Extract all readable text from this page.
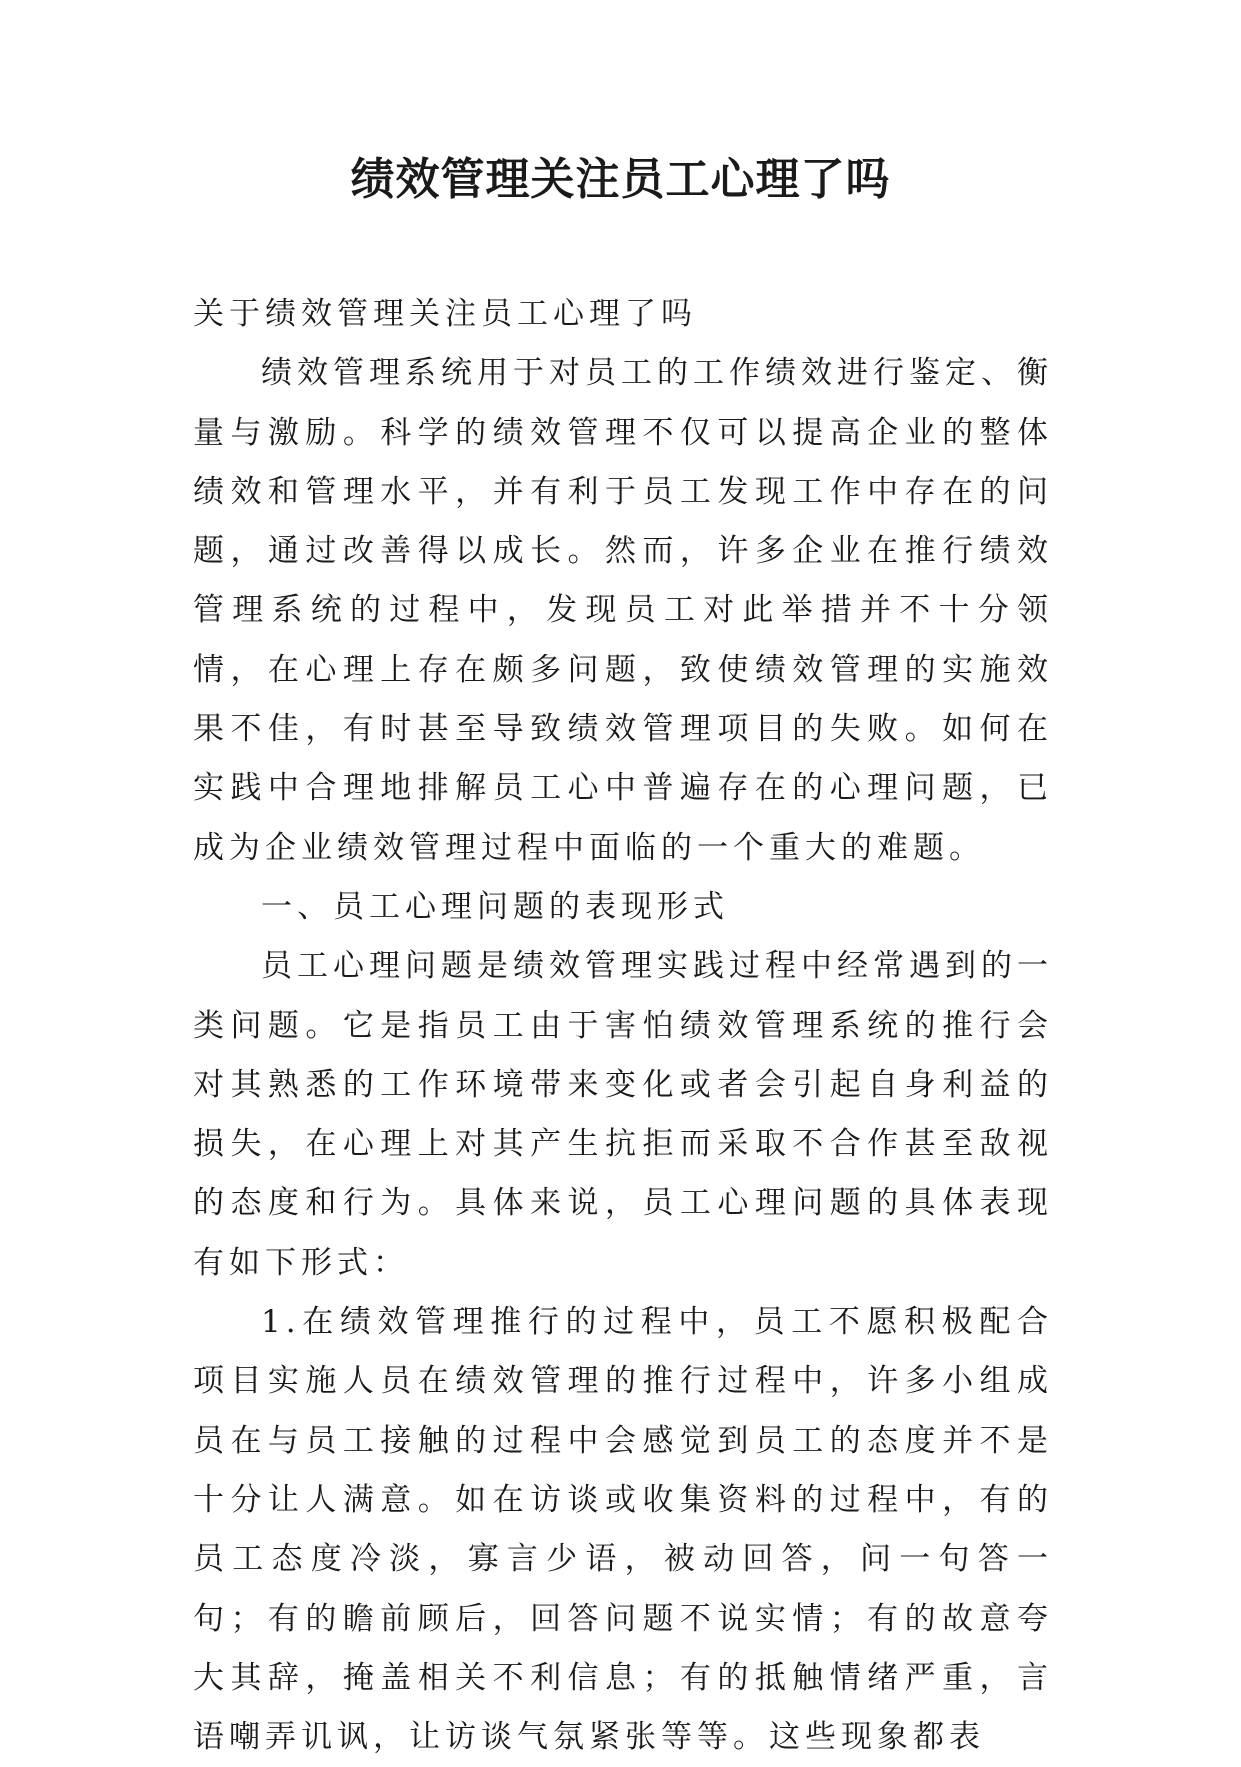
绩效管理关注员工心理了吗

关于绩效管理关注员工心理了吗

绩效管理系统用于对员工的工作绩效进行鉴定、衡量与激励。科学的绩效管理不仅可以提高企业的整体绩效和管理水平，并有利于员工发现工作中存在的问题，通过改善得以成长。然而，许多企业在推行绩效管理系统的过程中，发现员工对此举措并不十分领情，在心理上存在颇多问题，致使绩效管理的实施效果不佳，有时甚至导致绩效管理项目的失败。如何在实践中合理地排解员工心中普遍存在的心理问题，已成为企业绩效管理过程中面临的一个重大的难题。

一、员工心理问题的表现形式

员工心理问题是绩效管理实践过程中经常遇到的一类问题。它是指员工由于害怕绩效管理系统的推行会对其熟悉的工作环境带来变化或者会引起自身利益的损失，在心理上对其产生抗拒而采取不合作甚至敌视的态度和行为。具体来说，员工心理问题的具体表现有如下形式：

1.在绩效管理推行的过程中，员工不愿积极配合项目实施人员在绩效管理的推行过程中，许多小组成员在与员工接触的过程中会感觉到员工的态度并不是十分让人满意。如在访谈或收集资料的过程中，有的员工态度冷淡，寡言少语，被动回答，问一句答一句；有的瞻前顾后，回答问题不说实情；有的故意夸大其辞，掩盖相关不利信息；有的抵触情绪严重，言语嘲弄讥讽，让访谈气氛紧张等等。这些现象都表
